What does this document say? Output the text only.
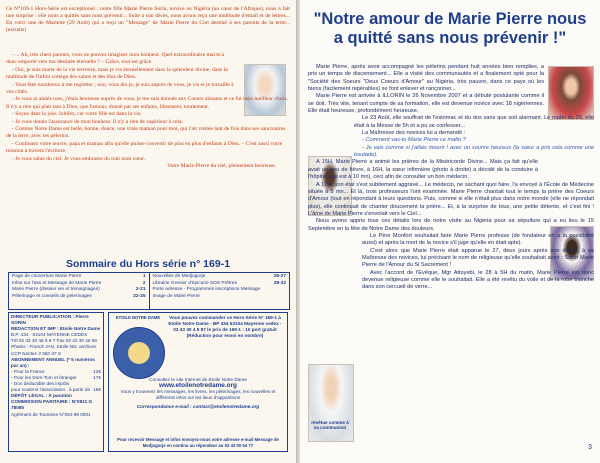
Ce N°169-1 Hors-Série est exceptionel : notre fille Marie Pierre Sorin, novice au Nigéria (au cœur de l'Afrique), nous a fait une surprise : elle nous a quittés sans nous prévenir... Suite à son décès, nous avons reçu une multitude d'email et de lettres... En voici une de Mariette (29 Août) qui a reçu un "Message" de Marie Pierre du Ciel destiné à ses parents de la terre... (extraits)

- ... Ah, très chers parents, vous ne pouvez imaginer mon bonheur. Quel extraordinaire mai m'a donc emporté vers ma destinée éternelle ? – Grâce, tout est grâce.

- Oui, je suis morte de la vie terrestre, mais je vis éternellement dans la splendeur divine, dans la multitude de l'infini cortège des saints et des élus de Dieu.

- Vous êtes nombreux à me regretter ; non, vous dis-je, je suis auprès de vous, je vis et je travaille à vos côtés.

- Je vous ai aimés tous, j'étais heureuse auprès de vous, je me suis donnée aux Coeurs aimants et ce fut mon meilleur choix. Il n'y a rien qui plait tant à Dieu, que l'amour, donné par ses enfants, librement, totalement.

- Soyez dans la joie. Jubilez, car votre fille est dans la vie.

- Je vous donne l'assurance de mon bonheur. Il n'y a rien de supérieur à cela.

- Comme Notre Dame est belle, bonne, douce, une vraie maman pour moi, qui l'ait visitée tant de fois dans ses sanctuaires de la terre, avec les pèlerins.

- Continuez votre œuvre, papa et maman afin qu'elle puisse convertir de plus en plus d'enfants à Dieu. – C'est aussi votre mission à travers l'écriture.

- Je vous salue du ciel. Je vous embrasse du tout mon cœur.

Votre Marie-Pierre du ciel, pleinement heureuse.

Sommaire du Hors série n° 169-1
Page de couverture Marie Pierre	1
Infos sur l'ass et Message de Marie Pierre	2
Marie Pierre (dossier vie et témoignages)	2-21
Pèlerinage et conseils de pèlerinages	22-25
Nouvelles de Medjugorje	26-27
Librairie Grenier d'épicurie SOS Prêtres	28-32
Porte adresse - Programmes inscriptions Message
Image de Marie Pierre
DIRECTEUR PUBLICATION : Pierre SORIN
RÉDACTION ET IMP : Etoile Notre Dame
B.P. 434 - 53104 MAYENNE CEDEX
Tél 02 43 30 45 6 8 7 Fax 02 43 30 45 69
Photos : Franck JAN, Etoile ND, archives
CCP Nantes 3 582 47 S
ABONNEMENT ANNUEL (* 5 numéros par an) :
- Pour la France	12€
- Pour les Dom-Tom et étranger	17€
- Don déductible des impôts
pour soutenir l'association : à partir de 15€
DÉPÔT LÉGAL : À parution
COMMISSION PARITAIRE : N°0911 G 78085
Agrément de Tourisme N°053 98 0001
ETOILE NOTRE DAME	Vous pouvez commander ce Hors-Série N° 169-1 à Etoile Notre Dame - BP 434 53104 Mayenne cedex - 02 43 30 4 5 87 le prix de 169-1 : 1€ port gratuit (Réduction pour envoi en nombre)
Consultez le site Internet de Etoile Notre Dame
www.etoilenotredame.org
Vous y trouverez les messages, les livres, les pèlerinages, les nouvelles et différents infos sur les lieux d'apparitions
Correspondance e-mail : contact@etoilenotredame.org
Pour recevoir Message et infos envoyez-nous votre adresse e-mail Message de Medjugorje en continu au répondeur au 02 43 00 54 77
"Notre amour de Marie Pierre nous a quitté sans nous prévenir !"
revêtue comme à sa communion

Marie Pierre, après avoir accompagné les pèlerins pendant huit années bien remplies, a pris un temps de discernement... Elle a visité des communautés et a finalement opté pour la "Société des Soeurs "Deux Coeurs d'Amour" au Nigéria, très pauvre, dans ce pays où les biens (facilement repérables) se font enlever et rançonner...

Marie Pierre est arrivée à ILLORIN le 26 Novembre 2007 et a débuté postulante comme il se doit. Très vite, tenant compte de sa formation, elle est devenue novice avec 18 nigériennes. Elle était heureuse, profondément heureuse.

Le 23 Août, elle souffrait de l'estomac et du dos sans que soit alarmant. Le matin du 25, elle était à la Messe de 5h et a pu se confesser...

La Maîtresse des novices lui a demandé :

- Comment vas-tu Marie Pierre ce matin ?

- Je vais comme si j'allais mourir ! avec un sourire heureux (la sœur a pris cela comme une boutade).

A 15H, Marie Pierre a animé les prières de la Miséricorde Divine... Mais ça fait qu'elle avait un peu de fièvre, à 16H, la sœur infirmière (photo à droite) a décidé de la conduire à l'hôpital (qui est à 10 mn), ceci afin de consulter un bon médecin.

A 17H, son état s'est subitement aggravé... Le médecin, ne sachant quoi faire, l'a envoyé à l'École de Médecine située à 5 mn... Et là, trois professeurs l'ont examinée. Marie Pierre chantait tout le temps la prière des Coeurs d'Amour (tout en répondant à leurs questions. Puis, comme si elle n'était plus dans notre monde (elle ne répondait plus), elle continuait de chanter doucement la prière... Et, à la surprise de tous, une petite détente, et c'est fini ! L'âme de Marie Pierre s'envolait vers le Ciel...

Nous avons appris tous ces détails lors de notre visite au Nigéria pour sa sépulture qui a eu lieu le 15 Septembre en la fête de Notre Dame des douleurs.

Le Père Monfort souhaitait faire Marie Pierre professe (de fondateur en a la possibilité aussi) et après la mort de la novice s'il juge qu'elle en était apte).

C'est alors que Marie Pierre était apparue le 27, deux jours après son décès, à sa Maîtresse des novices, lui précisant le nom de religieuse qu'elle souhaitait avoir : Sœur Marie Pierre de l'Amour du Si Sacrement !

Avec l'accord de l'Evêque, Mgr Attoyebi, le 28 à 5H du matin, Marie Pierre est donc devenue religieuse comme elle le souhaitait. Elle a été revêtu du voile et de la robe blanche dans son cercueil de verre...

3
